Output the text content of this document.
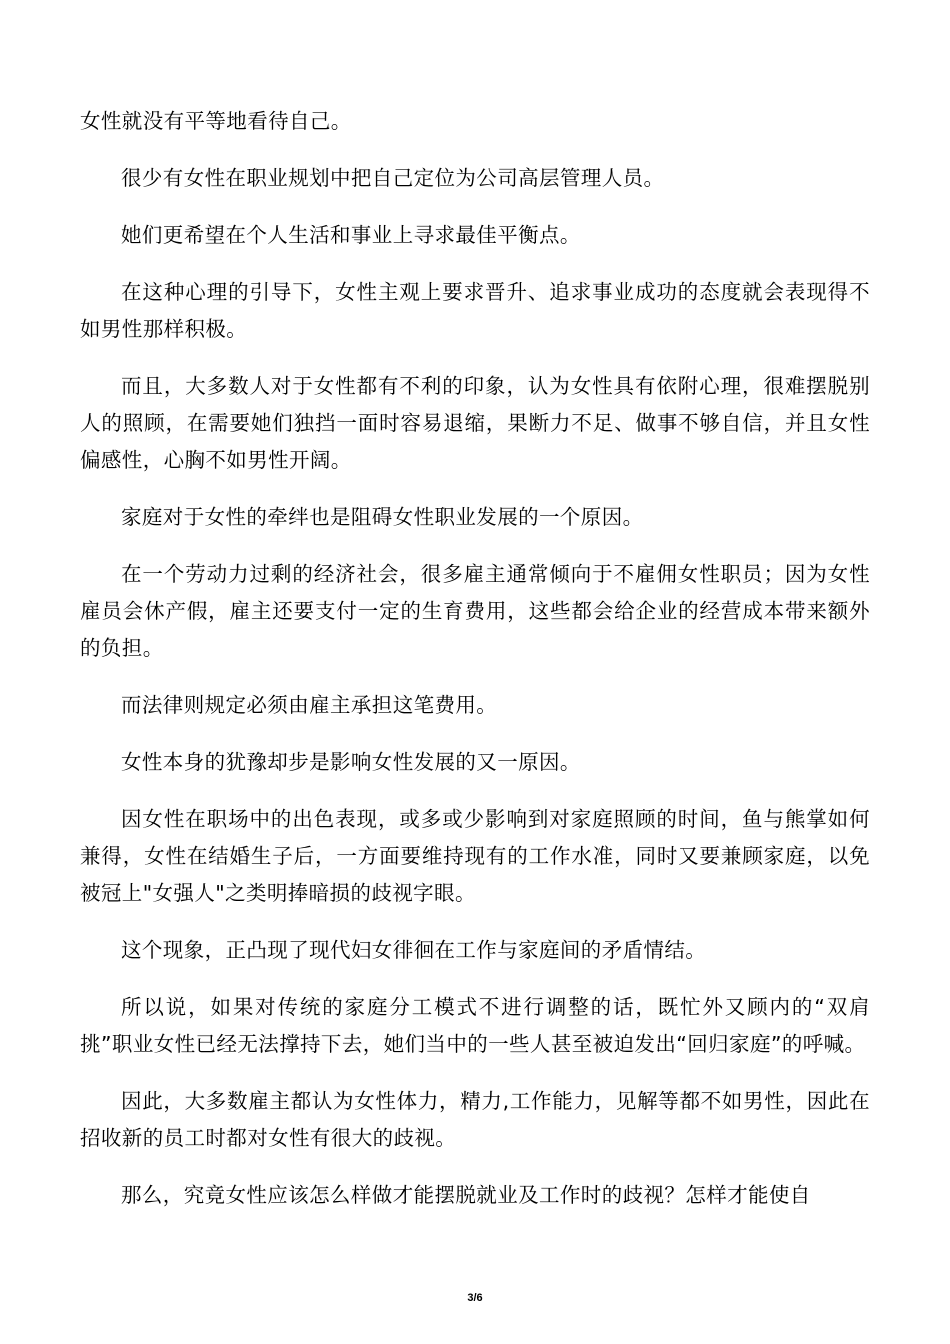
女性就没有平等地看待自己。

很少有女性在职业规划中把自己定位为公司高层管理人员。

她们更希望在个人生活和事业上寻求最佳平衡点。

在这种心理的引导下，女性主观上要求晋升、追求事业成功的态度就会表现得不如男性那样积极。

而且，大多数人对于女性都有不利的印象，认为女性具有依附心理，很难摆脱别人的照顾，在需要她们独挡一面时容易退缩，果断力不足、做事不够自信，并且女性偏感性，心胸不如男性开阔。

家庭对于女性的牵绊也是阻碍女性职业发展的一个原因。

在一个劳动力过剩的经济社会，很多雇主通常倾向于不雇佣女性职员；因为女性雇员会休产假，雇主还要支付一定的生育费用，这些都会给企业的经营成本带来额外的负担。

而法律则规定必须由雇主承担这笔费用。

女性本身的犹豫却步是影响女性发展的又一原因。

因女性在职场中的出色表现，或多或少影响到对家庭照顾的时间，鱼与熊掌如何兼得，女性在结婚生子后，一方面要维持现有的工作水准，同时又要兼顾家庭，以免被冠上"女强人"之类明捧暗损的歧视字眼。

这个现象，正凸现了现代妇女徘徊在工作与家庭间的矛盾情结。

所以说，如果对传统的家庭分工模式不进行调整的话，既忙外又顾内的“双肩挑”职业女性已经无法撑持下去，她们当中的一些人甚至被迫发出“回归家庭”的呼喊。

因此，大多数雇主都认为女性体力，精力,工作能力，见解等都不如男性，因此在招收新的员工时都对女性有很大的歧视。

那么，究竟女性应该怎么样做才能摆脱就业及工作时的歧视？怎样才能使自

3/6
